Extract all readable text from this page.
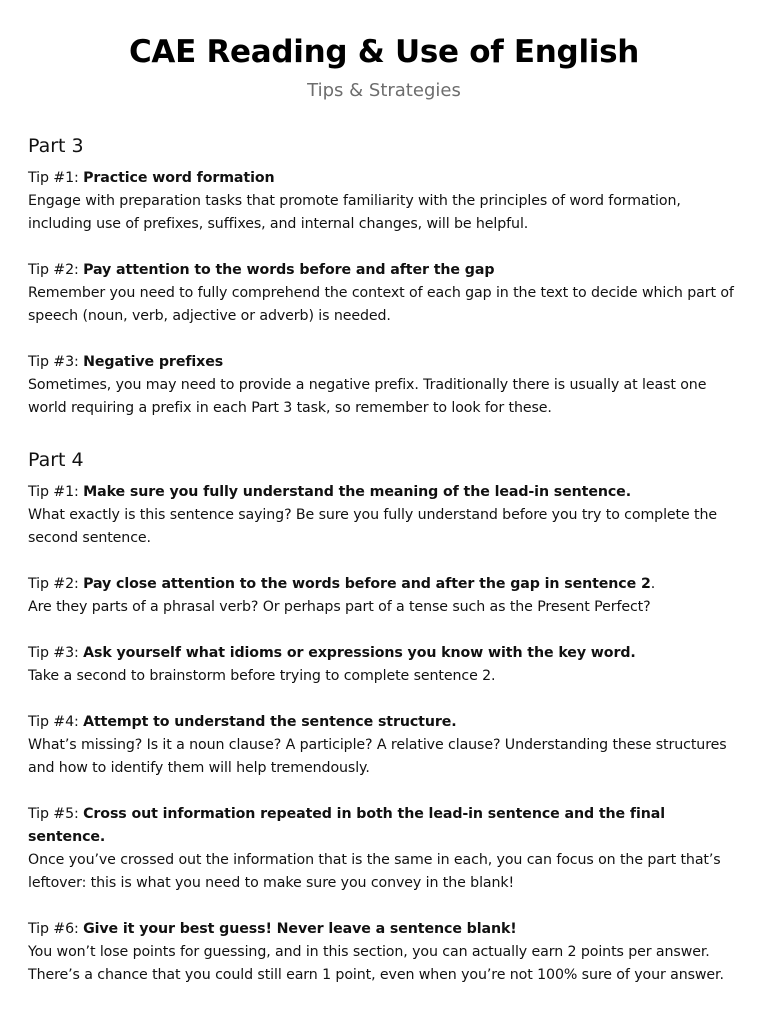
CAE Reading & Use of English

Tips & Strategies

Part 3

Tip #1: Practice word formation
Engage with preparation tasks that promote familiarity with the principles of word formation, including use of prefixes, suffixes, and internal changes, will be helpful.

Tip #2: Pay attention to the words before and after the gap
Remember you need to fully comprehend the context of each gap in the text to decide which part of speech (noun, verb, adjective or adverb) is needed.

Tip #3: Negative prefixes
Sometimes, you may need to provide a negative prefix. Traditionally there is usually at least one world requiring a prefix in each Part 3 task, so remember to look for these.

Part 4

Tip #1: Make sure you fully understand the meaning of the lead-in sentence.
What exactly is this sentence saying? Be sure you fully understand before you try to complete the second sentence.

Tip #2: Pay close attention to the words before and after the gap in sentence 2.
Are they parts of a phrasal verb? Or perhaps part of a tense such as the Present Perfect?

Tip #3: Ask yourself what idioms or expressions you know with the key word.
Take a second to brainstorm before trying to complete sentence 2.

Tip #4: Attempt to understand the sentence structure.
What’s missing? Is it a noun clause? A participle? A relative clause? Understanding these structures and how to identify them will help tremendously.

Tip #5: Cross out information repeated in both the lead-in sentence and the final sentence.
Once you’ve crossed out the information that is the same in each, you can focus on the part that’s leftover: this is what you need to make sure you convey in the blank!

Tip #6: Give it your best guess! Never leave a sentence blank!
You won’t lose points for guessing, and in this section, you can actually earn 2 points per answer. There’s a chance that you could still earn 1 point, even when you’re not 100% sure of your answer.
